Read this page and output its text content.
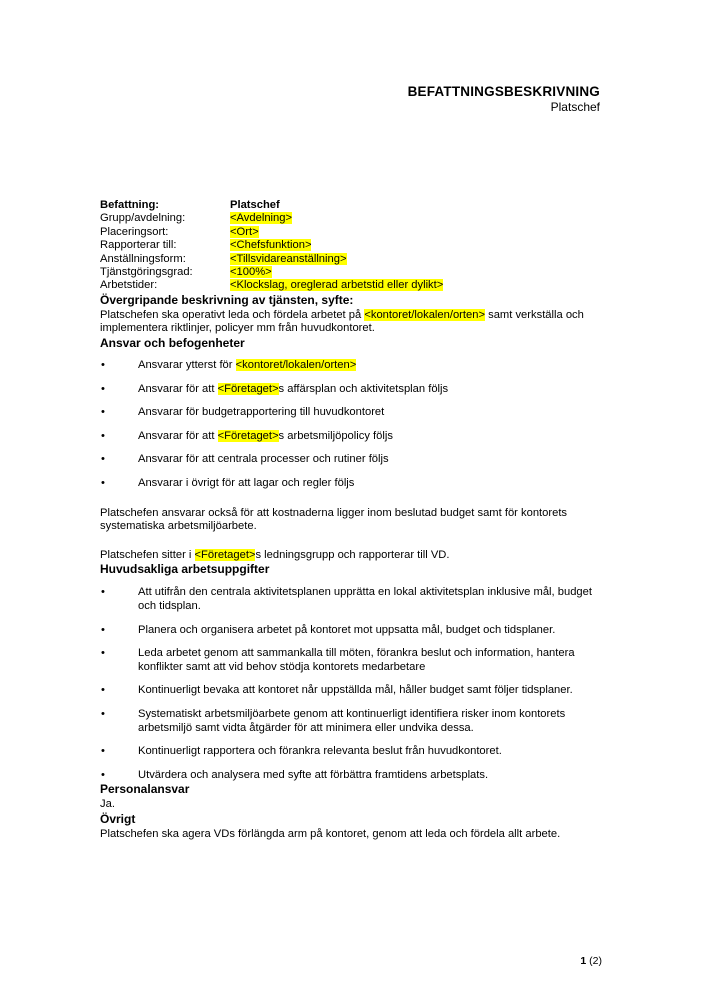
BEFATTNINGSBESKRIVNING
Platschef
Befattning:	Platschef
Grupp/avdelning:	<Avdelning>
Placeringsort:	<Ort>
Rapporterar till:	<Chefsfunktion>
Anställningsform:	<Tillsvidareanställning>
Tjänstgöringsgrad:	<100%>
Arbetstider:	<Klockslag, oreglerad arbetstid eller dylikt>
Övergripande beskrivning av tjänsten, syfte:

Platschefen ska operativt leda och fördela arbetet på <kontoret/lokalen/orten> samt verkställa och implementera riktlinjer, policyer mm från huvudkontoret.

Ansvar och befogenheter
•	Ansvarar ytterst för <kontoret/lokalen/orten>
•	Ansvarar för att <Företaget>s affärsplan och aktivitetsplan följs
•	Ansvarar för budgetrapportering till huvudkontoret
•	Ansvarar för att <Företaget>s arbetsmiljöpolicy följs
•	Ansvarar för att centrala processer och rutiner följs
•	Ansvarar i övrigt för att lagar och regler följs

Platschefen ansvarar också för att kostnaderna ligger inom beslutad budget samt för kontorets systematiska arbetsmiljöarbete.

Platschefen sitter i <Företaget>s ledningsgrupp och rapporterar till VD.

Huvudsakliga arbetsuppgifter
•	Att utifrån den centrala aktivitetsplanen upprätta en lokal aktivitetsplan inklusive mål, budget och tidsplan.
•	Planera och organisera arbetet på kontoret mot uppsatta mål, budget och tidsplaner.
•	Leda arbetet genom att sammankalla till möten, förankra beslut och information, hantera konflikter samt att vid behov stödja kontorets medarbetare
•	Kontinuerligt bevaka att kontoret når uppställda mål, håller budget samt följer tidsplaner.
•	Systematiskt arbetsmiljöarbete genom att kontinuerligt identifiera risker inom kontorets arbetsmiljö samt vidta åtgärder för att minimera eller undvika dessa.
•	Kontinuerligt rapportera och förankra relevanta beslut från huvudkontoret.
•	Utvärdera och analysera med syfte att förbättra framtidens arbetsplats.
Personalansvar

Ja.

Övrigt

Platschefen ska agera VDs förlängda arm på kontoret, genom att leda och fördela allt arbete.

1 (2)
